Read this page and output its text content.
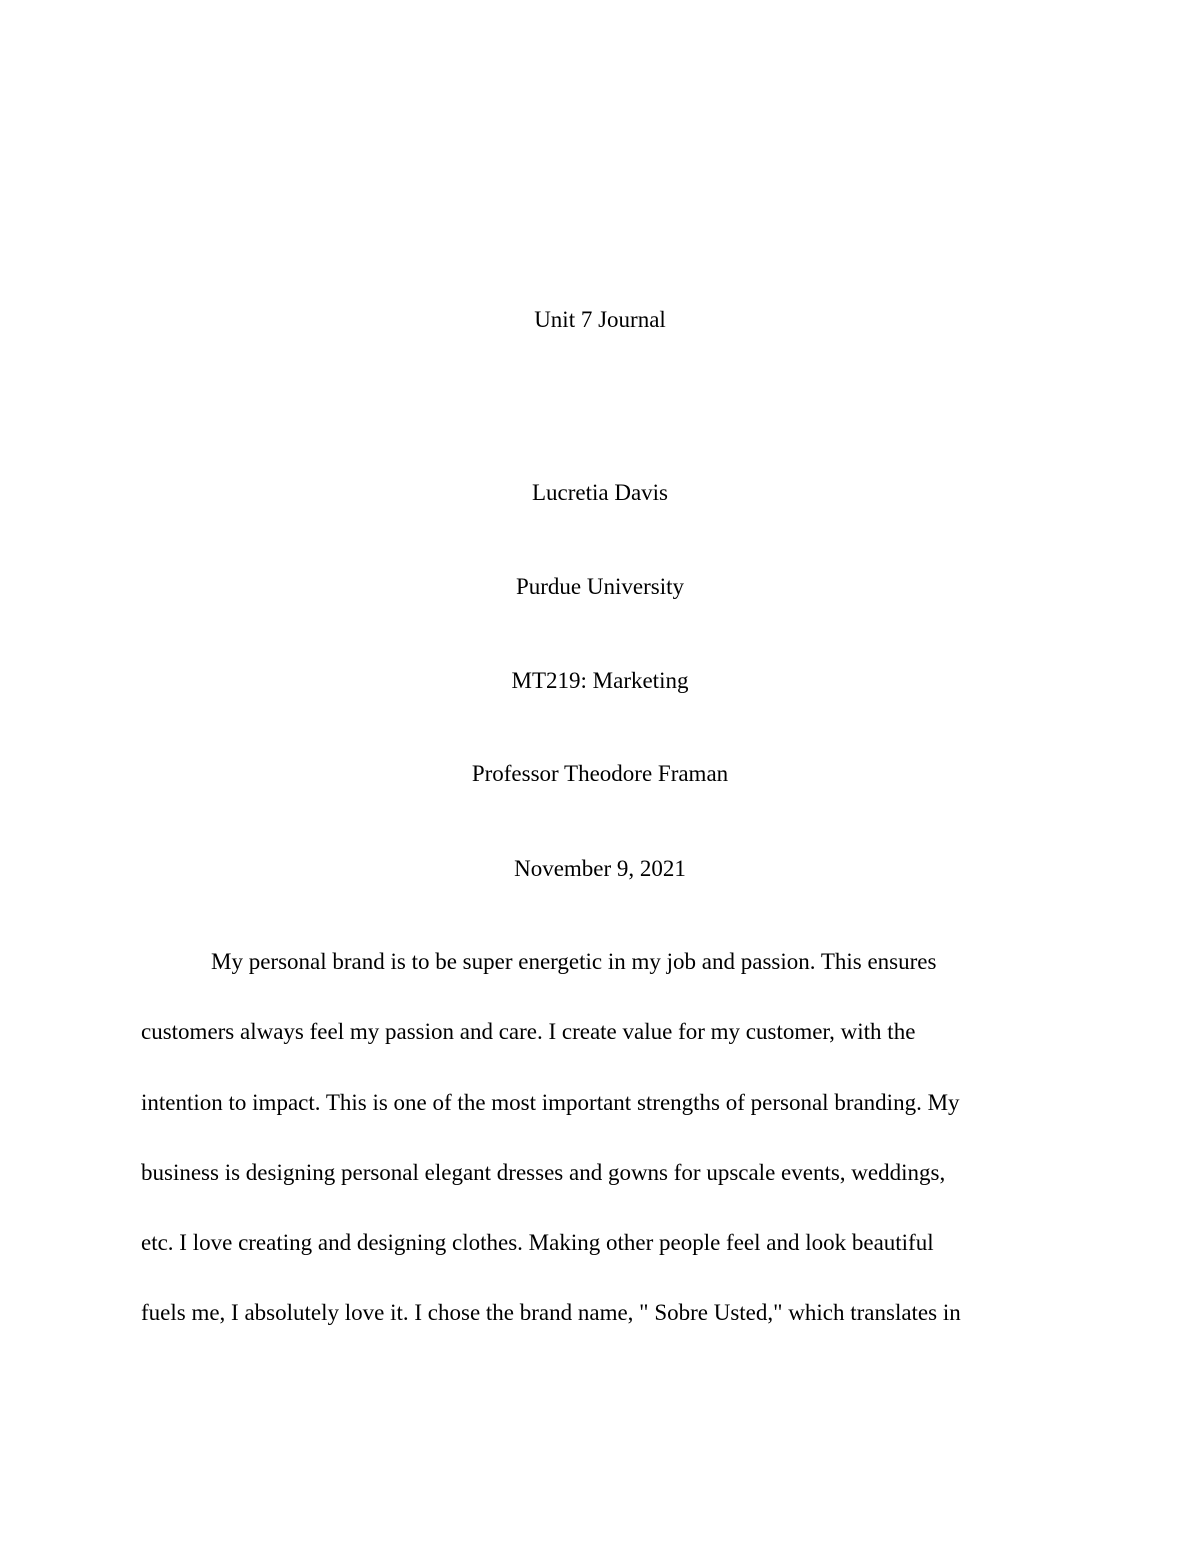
Unit 7 Journal
Lucretia Davis
Purdue University
MT219: Marketing
Professor Theodore Framan
November 9, 2021
My personal brand is to be super energetic in my job and passion. This ensures
customers always feel my passion and care. I create value for my customer, with the
intention to impact. This is one of the most important strengths of personal branding. My
business is designing personal elegant dresses and gowns for upscale events, weddings,
etc. I love creating and designing clothes. Making other people feel and look beautiful
fuels me, I absolutely love it. I chose the brand name, " Sobre Usted," which translates in
